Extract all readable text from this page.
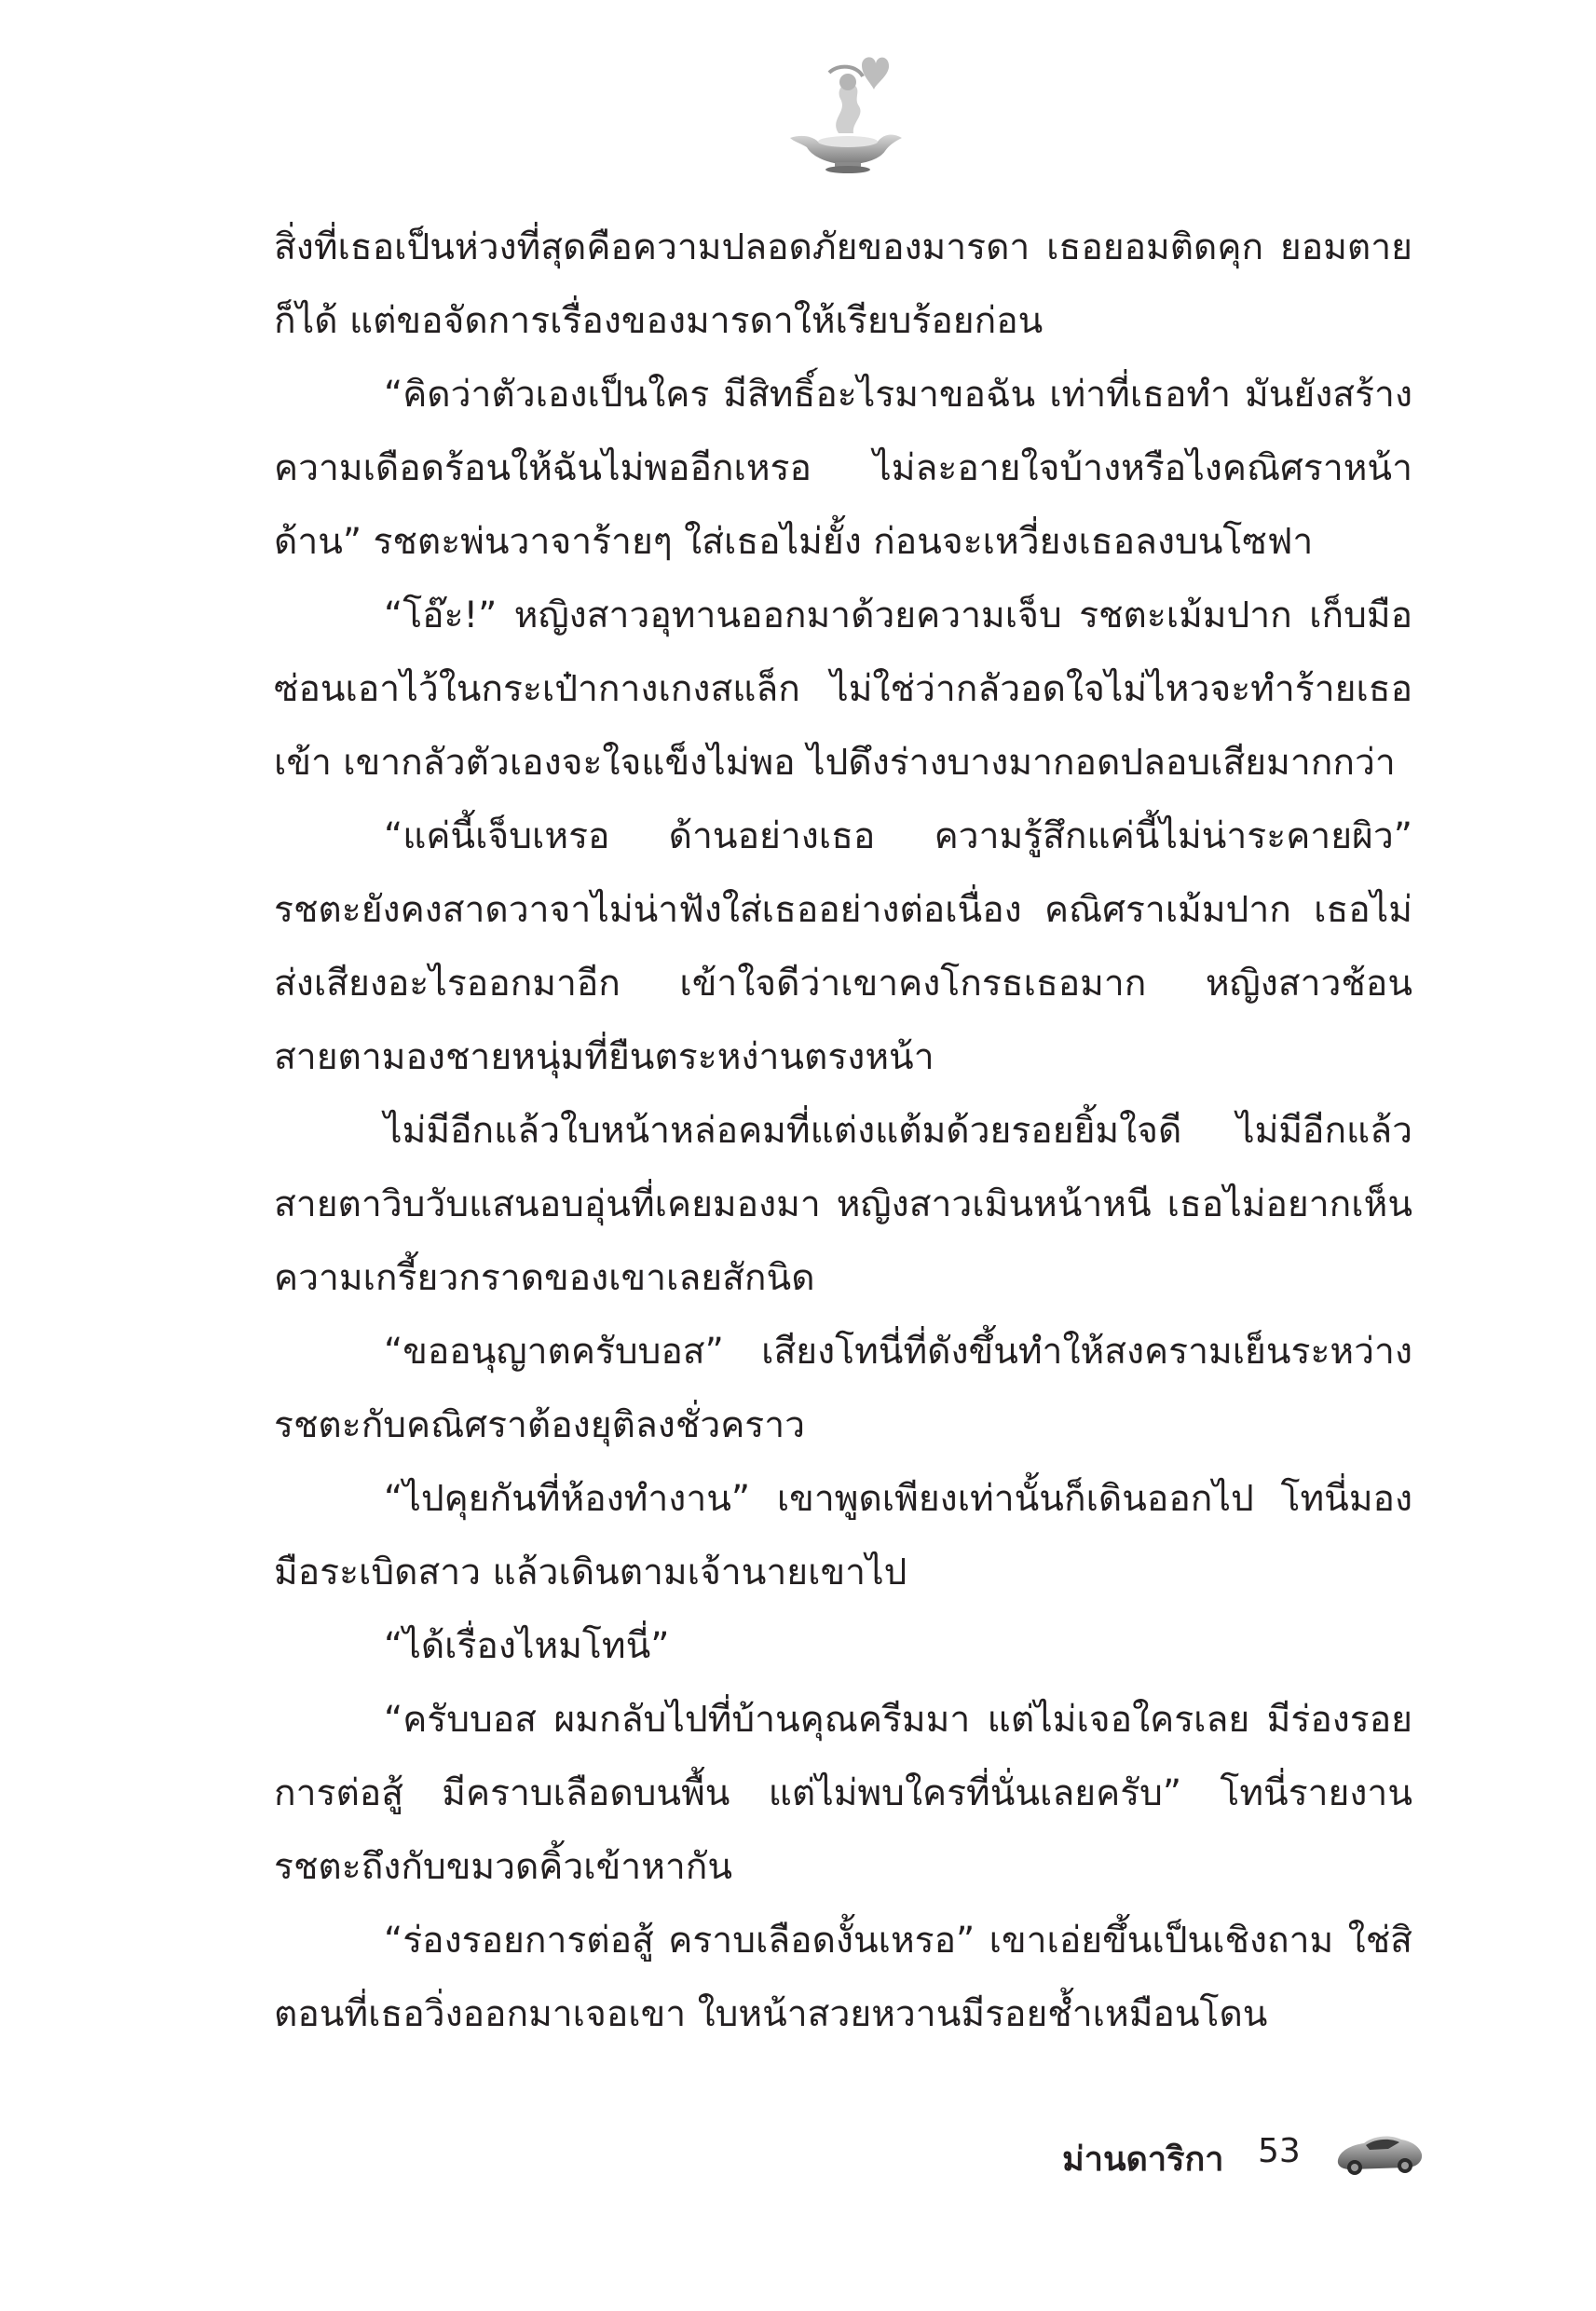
สิ่งที่เธอเป็นห่วงที่สุดคือความปลอดภัยของมารดา เธอยอมติดคุก ยอมตายก็ได้ แต่ขอจัดการเรื่องของมารดาให้เรียบร้อยก่อน

“คิดว่าตัวเองเป็นใคร มีสิทธิ์อะไรมาขอฉัน เท่าที่เธอทำ มันยังสร้างความเดือดร้อนให้ฉันไม่พออีกเหรอ ไม่ละอายใจบ้างหรือไงคณิศราหน้าด้าน” รชตะพ่นวาจาร้ายๆ ใส่เธอไม่ยั้ง ก่อนจะเหวี่ยงเธอลงบนโซฟา

“โอ๊ะ!” หญิงสาวอุทานออกมาด้วยความเจ็บ รชตะเม้มปาก เก็บมือซ่อนเอาไว้ในกระเป๋ากางเกงสแล็ก ไม่ใช่ว่ากลัวอดใจไม่ไหวจะทำร้ายเธอเข้า เขากลัวตัวเองจะใจแข็งไม่พอ ไปดึงร่างบางมากอดปลอบเสียมากกว่า

“แค่นี้เจ็บเหรอ ด้านอย่างเธอ ความรู้สึกแค่นี้ไม่น่าระคายผิว” รชตะยังคงสาดวาจาไม่น่าฟังใส่เธออย่างต่อเนื่อง คณิศราเม้มปาก เธอไม่ส่งเสียงอะไรออกมาอีก เข้าใจดีว่าเขาคงโกรธเธอมาก หญิงสาวช้อนสายตามองชายหนุ่มที่ยืนตระหง่านตรงหน้า

ไม่มีอีกแล้วใบหน้าหล่อคมที่แต่งแต้มด้วยรอยยิ้มใจดี ไม่มีอีกแล้วสายตาวิบวับแสนอบอุ่นที่เคยมองมา หญิงสาวเมินหน้าหนี เธอไม่อยากเห็นความเกรี้ยวกราดของเขาเลยสักนิด

“ขออนุญาตครับบอส” เสียงโทนี่ที่ดังขึ้นทำให้สงครามเย็นระหว่างรชตะกับคณิศราต้องยุติลงชั่วคราว

“ไปคุยกันที่ห้องทำงาน” เขาพูดเพียงเท่านั้นก็เดินออกไป โทนี่มองมือระเบิดสาว แล้วเดินตามเจ้านายเขาไป

“ได้เรื่องไหมโทนี่”

“ครับบอส ผมกลับไปที่บ้านคุณครีมมา แต่ไม่เจอใครเลย มีร่องรอยการต่อสู้ มีคราบเลือดบนพื้น แต่ไม่พบใครที่นั่นเลยครับ” โทนี่รายงาน รชตะถึงกับขมวดคิ้วเข้าหากัน

“ร่องรอยการต่อสู้ คราบเลือดงั้นเหรอ” เขาเอ่ยขึ้นเป็นเชิงถาม ใช่สิ ตอนที่เธอวิ่งออกมาเจอเขา ใบหน้าสวยหวานมีรอยช้ำเหมือนโดน

ม่านดาริกา 53
